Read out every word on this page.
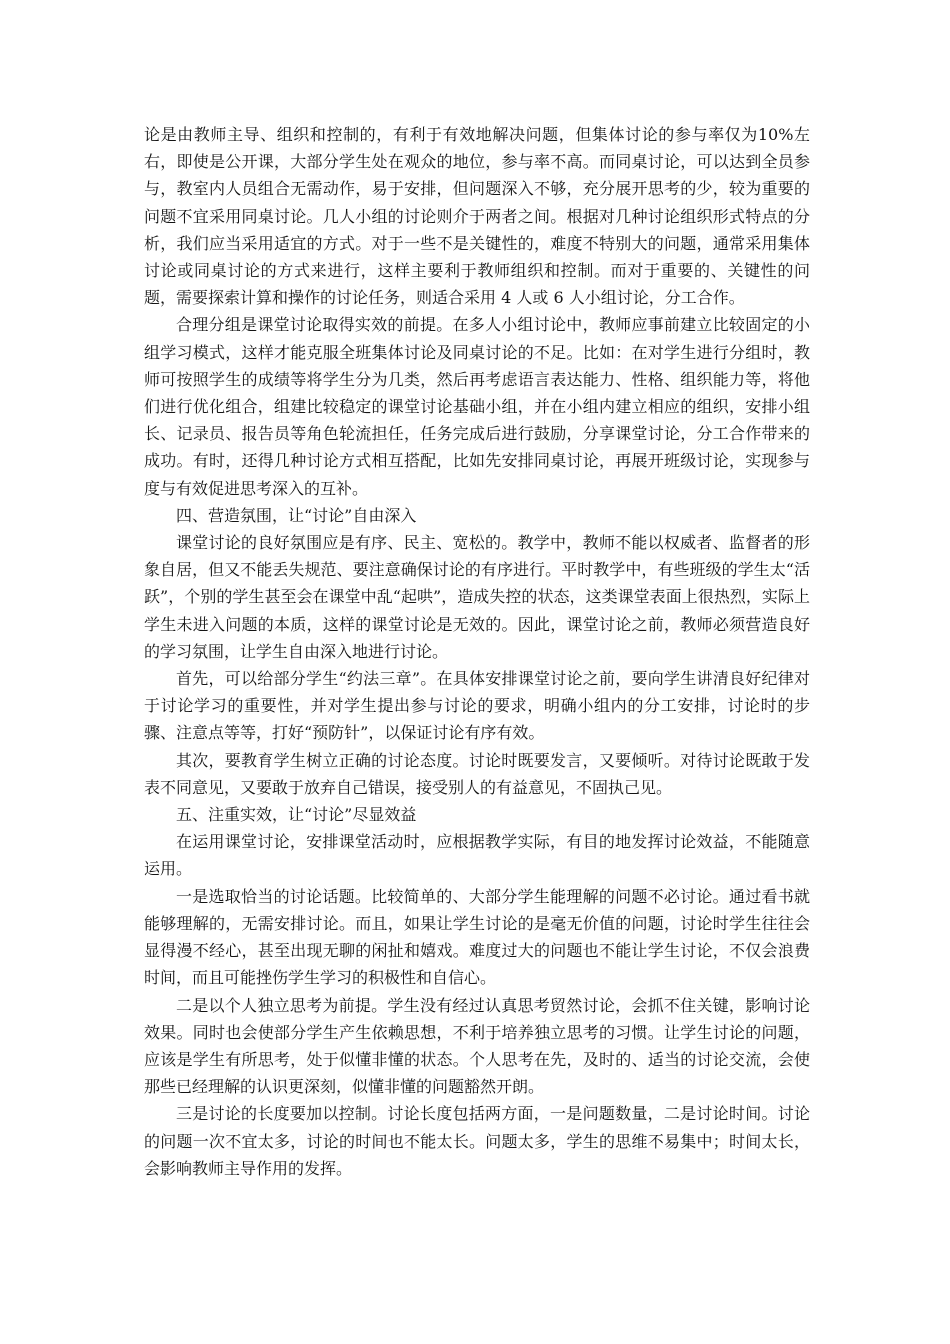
论是由教师主导、组织和控制的，有利于有效地解决问题，但集体讨论的参与率仅为10%左右，即使是公开课，大部分学生处在观众的地位，参与率不高。而同桌讨论，可以达到全员参与，教室内人员组合无需动作，易于安排，但问题深入不够，充分展开思考的少，较为重要的问题不宜采用同桌讨论。几人小组的讨论则介于两者之间。根据对几种讨论组织形式特点的分析，我们应当采用适宜的方式。对于一些不是关键性的，难度不特别大的问题，通常采用集体讨论或同桌讨论的方式来进行，这样主要利于教师组织和控制。而对于重要的、关键性的问题，需要探索计算和操作的讨论任务，则适合采用 4 人或 6 人小组讨论，分工合作。

合理分组是课堂讨论取得实效的前提。在多人小组讨论中，教师应事前建立比较固定的小组学习模式，这样才能克服全班集体讨论及同桌讨论的不足。比如：在对学生进行分组时，教师可按照学生的成绩等将学生分为几类，然后再考虑语言表达能力、性格、组织能力等，将他们进行优化组合，组建比较稳定的课堂讨论基础小组，并在小组内建立相应的组织，安排小组长、记录员、报告员等角色轮流担任，任务完成后进行鼓励，分享课堂讨论，分工合作带来的成功。有时，还得几种讨论方式相互搭配，比如先安排同桌讨论，再展开班级讨论，实现参与度与有效促进思考深入的互补。

四、营造氛围，让“讨论”自由深入

课堂讨论的良好氛围应是有序、民主、宽松的。教学中，教师不能以权威者、监督者的形象自居，但又不能丢失规范、要注意确保讨论的有序进行。平时教学中，有些班级的学生太“活跃”，个别的学生甚至会在课堂中乱“起哄”，造成失控的状态，这类课堂表面上很热烈，实际上学生未进入问题的本质，这样的课堂讨论是无效的。因此，课堂讨论之前，教师必须营造良好的学习氛围，让学生自由深入地进行讨论。

首先，可以给部分学生“约法三章”。在具体安排课堂讨论之前，要向学生讲清良好纪律对于讨论学习的重要性，并对学生提出参与讨论的要求，明确小组内的分工安排，讨论时的步骤、注意点等等，打好“预防针”，以保证讨论有序有效。

其次，要教育学生树立正确的讨论态度。讨论时既要发言，又要倾听。对待讨论既敢于发表不同意见，又要敢于放弃自己错误，接受别人的有益意见，不固执己见。

五、注重实效，让“讨论”尽显效益

在运用课堂讨论，安排课堂活动时，应根据教学实际，有目的地发挥讨论效益，不能随意运用。

一是选取恰当的讨论话题。比较简单的、大部分学生能理解的问题不必讨论。通过看书就能够理解的，无需安排讨论。而且，如果让学生讨论的是毫无价值的问题，讨论时学生往往会显得漫不经心，甚至出现无聊的闲扯和嬉戏。难度过大的问题也不能让学生讨论，不仅会浪费时间，而且可能挫伤学生学习的积极性和自信心。

二是以个人独立思考为前提。学生没有经过认真思考贸然讨论，会抓不住关键，影响讨论效果。同时也会使部分学生产生依赖思想，不利于培养独立思考的习惯。让学生讨论的问题，应该是学生有所思考，处于似懂非懂的状态。个人思考在先，及时的、适当的讨论交流，会使那些已经理解的认识更深刻，似懂非懂的问题豁然开朗。

三是讨论的长度要加以控制。讨论长度包括两方面，一是问题数量，二是讨论时间。讨论的问题一次不宜太多，讨论的时间也不能太长。问题太多，学生的思维不易集中；时间太长，会影响教师主导作用的发挥。
